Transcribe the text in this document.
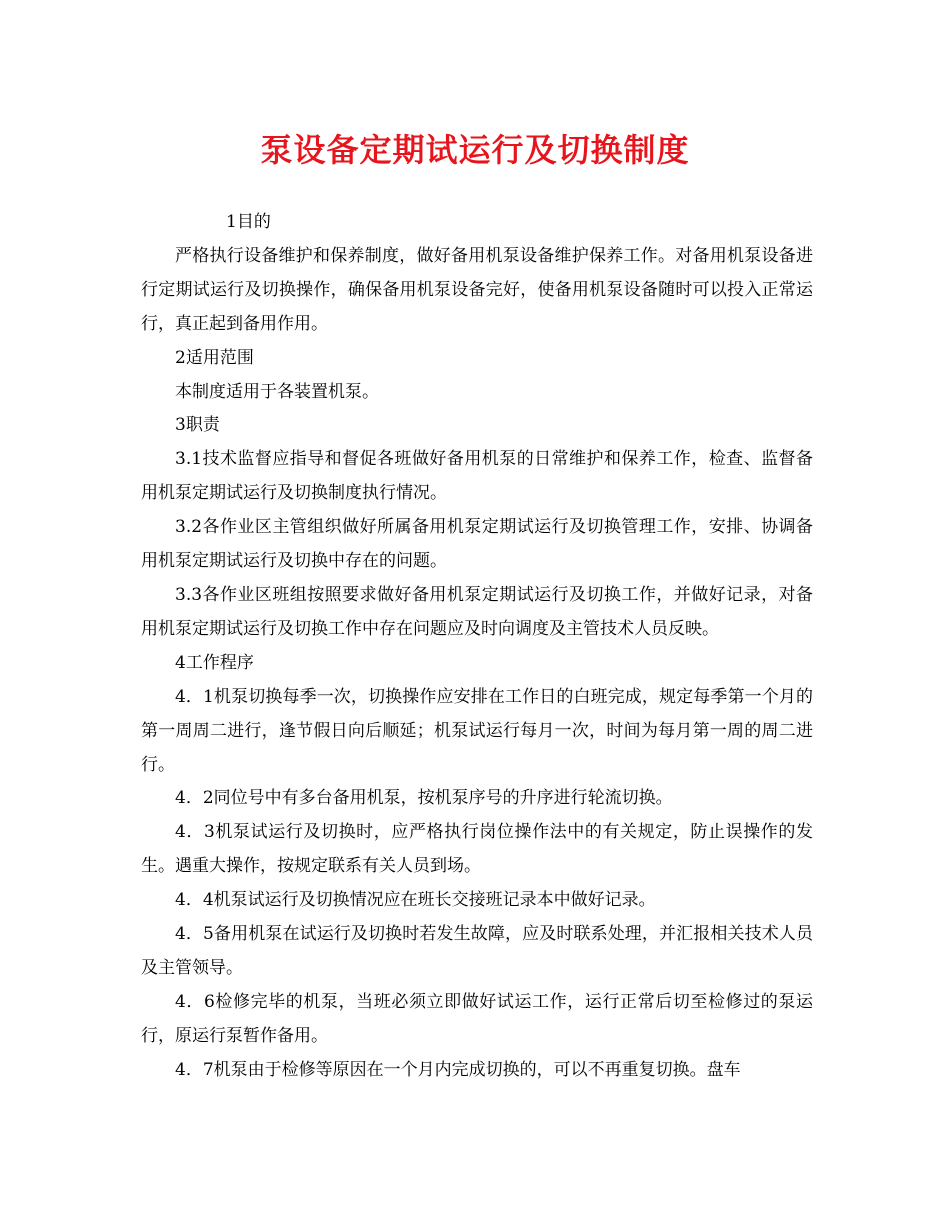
泵设备定期试运行及切换制度

1目的

严格执行设备维护和保养制度，做好备用机泵设备维护保养工作。对备用机泵设备进行定期试运行及切换操作，确保备用机泵设备完好，使备用机泵设备随时可以投入正常运行，真正起到备用作用。

2适用范围

本制度适用于各装置机泵。

3职责

3.1技术监督应指导和督促各班做好备用机泵的日常维护和保养工作，检查、监督备用机泵定期试运行及切换制度执行情况。

3.2各作业区主管组织做好所属备用机泵定期试运行及切换管理工作，安排、协调备用机泵定期试运行及切换中存在的问题。

3.3各作业区班组按照要求做好备用机泵定期试运行及切换工作，并做好记录，对备用机泵定期试运行及切换工作中存在问题应及时向调度及主管技术人员反映。

4工作程序

4．1机泵切换每季一次，切换操作应安排在工作日的白班完成，规定每季第一个月的第一周周二进行，逢节假日向后顺延；机泵试运行每月一次，时间为每月第一周的周二进行。

4．2同位号中有多台备用机泵，按机泵序号的升序进行轮流切换。

4．3机泵试运行及切换时，应严格执行岗位操作法中的有关规定，防止误操作的发生。遇重大操作，按规定联系有关人员到场。

4．4机泵试运行及切换情况应在班长交接班记录本中做好记录。

4．5备用机泵在试运行及切换时若发生故障，应及时联系处理，并汇报相关技术人员及主管领导。

4．6检修完毕的机泵，当班必须立即做好试运工作，运行正常后切至检修过的泵运行，原运行泵暂作备用。

4．7机泵由于检修等原因在一个月内完成切换的，可以不再重复切换。盘车
